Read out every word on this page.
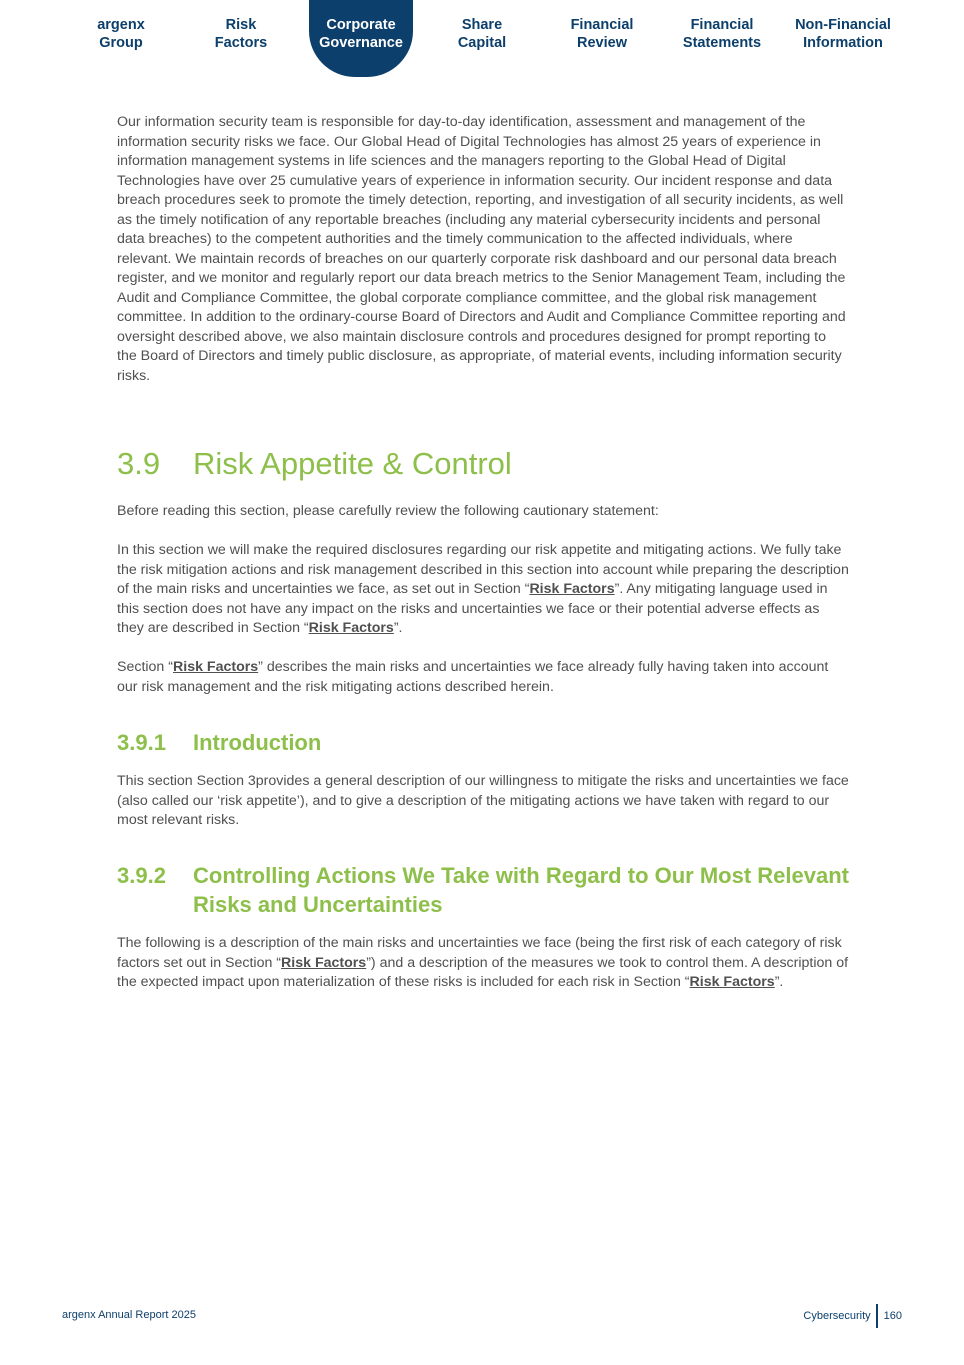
argenx
Group
Risk
Factors
Corporate
Governance
Share
Capital
Financial
Review
Financial
Statements
Non-Financial
Information

Our information security team is responsible for day-to-day identification, assessment and management of the information security risks we face. Our Global Head of Digital Technologies has almost 25 years of experience in information management systems in life sciences and the managers reporting to the Global Head of Digital Technologies have over 25 cumulative years of experience in information security. Our incident response and data breach procedures seek to promote the timely detection, reporting, and investigation of all security incidents, as well as the timely notification of any reportable breaches (including any material cybersecurity incidents and personal data breaches) to the competent authorities and the timely communication to the affected individuals, where relevant. We maintain records of breaches on our quarterly corporate risk dashboard and our personal data breach register, and we monitor and regularly report our data breach metrics to the Senior Management Team, including the Audit and Compliance Committee, the global corporate compliance committee, and the global risk management committee. In addition to the ordinary-course Board of Directors and Audit and Compliance Committee reporting and oversight described above, we also maintain disclosure controls and procedures designed for prompt reporting to the Board of Directors and timely public disclosure, as appropriate, of material events, including information security risks.

3.9	Risk Appetite & Control

Before reading this section, please carefully review the following cautionary statement:

In this section we will make the required disclosures regarding our risk appetite and mitigating actions. We fully take the risk mitigation actions and risk management described in this section into account while preparing the description of the main risks and uncertainties we face, as set out in Section “Risk Factors”. Any mitigating language used in this section does not have any impact on the risks and uncertainties we face or their potential adverse effects as they are described in Section “Risk Factors”.

Section “Risk Factors” describes the main risks and uncertainties we face already fully having taken into account our risk management and the risk mitigating actions described herein.

3.9.1	Introduction

This section Section 3provides a general description of our willingness to mitigate the risks and uncertainties we face (also called our ‘risk appetite’), and to give a description of the mitigating actions we have taken with regard to our most relevant risks.

3.9.2	Controlling Actions We Take with Regard to Our Most Relevant Risks and Uncertainties

The following is a description of the main risks and uncertainties we face (being the first risk of each category of risk factors set out in Section “Risk Factors”) and a description of the measures we took to control them. A description of the expected impact upon materialization of these risks is included for each risk in Section “Risk Factors”.

argenx Annual Report 2025	Cybersecurity 160
